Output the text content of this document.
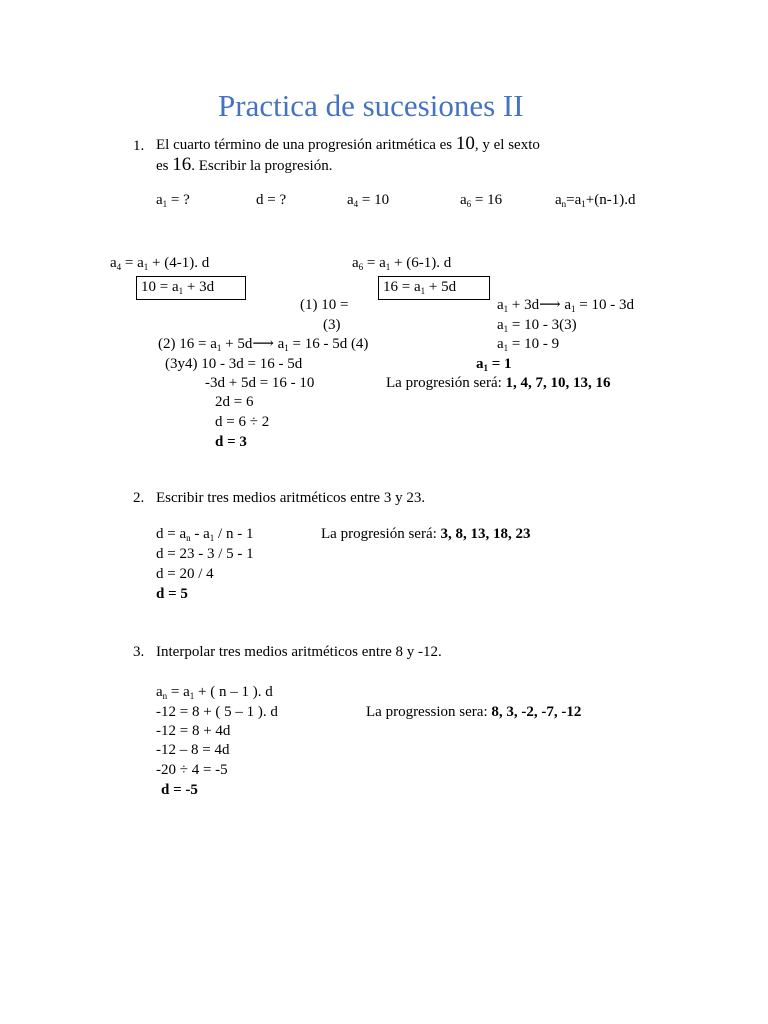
Practica de sucesiones II
1. El cuarto término de una progresión aritmética es 10, y el sexto
es 16. Escribir la progresión.
$a_1$ = ?	d = ?	$a_4 = 10$	$a_6 = 16$	$a_n=a_1+(n-1).d$
$a_4 = a_1 + (4-1)$. d	$a_6 = a_1 + (6-1)$. d
$10 = a_1 + 3d$	$16 = a_1 + 5d$
(1) 10 =
(3)
$a_1$ + 3d⟶ $a_1 = 10 - 3d$
$a_1 = 10 - 3(3)$
(2) $16 = a_1$ + 5d⟶ $a_1 = 16 - 5d$ (4)	$a_1 = 10 - 9$
(3y4) 10 - 3d = 16 - 5d	$a_1 = 1$
-3d + 5d = 16 - 10	La progresión será: 1, 4, 7, 10, 13, 16
2d = 6
d = 6 ÷ 2
d = 3
2. Escribir tres medios aritméticos entre 3 y 23.
$d = a_n - a_1 / n - 1$	La progresión será: 3, 8, 13, 18, 23
d = 23 - 3 / 5 - 1
d = 20 / 4
d = 5
3. Interpolar tres medios aritméticos entre 8 y -12.
$a_n = a_1$ + ( n – 1 ). d
-12 = 8 + ( 5 – 1 ). d	La progression sera: 8, 3, -2, -7, -12
-12 = 8 + 4d
-12 – 8 = 4d
-20 ÷ 4 = -5
d = -5
